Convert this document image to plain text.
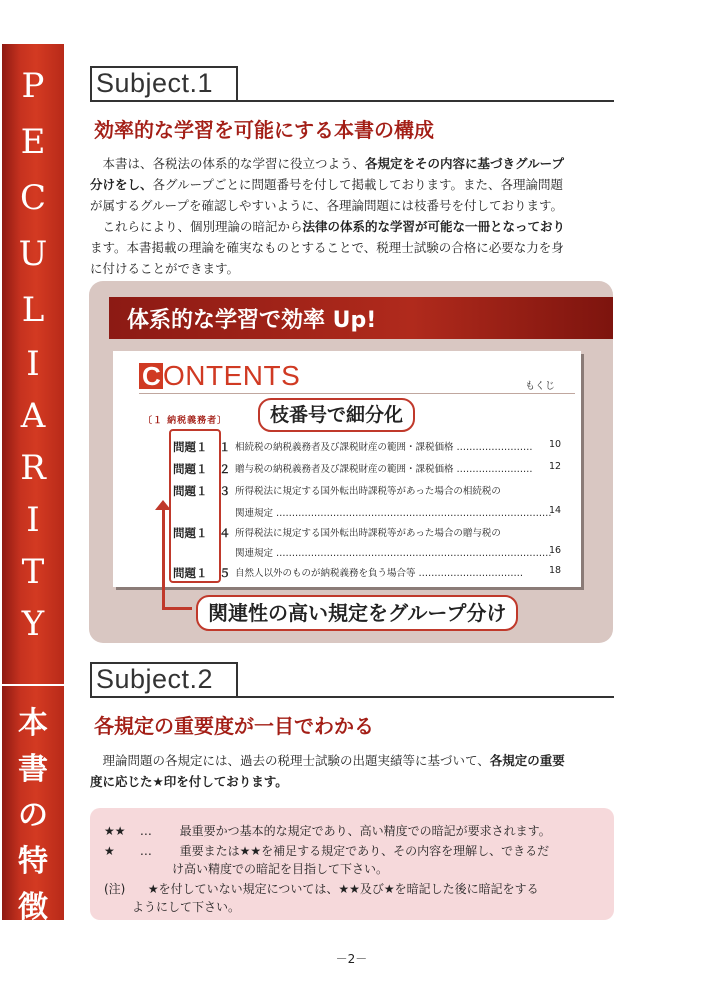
P
E
C
U
L
I
A
R
I
T
Y
本
書
の
特
徴
Subject.1
効率的な学習を可能にする本書の構成
　本書は、各税法の体系的な学習に役立つよう、各規定をその内容に基づきグループ
分けをし、各グループごとに問題番号を付して掲載しております。また、各理論問題
が属するグループを確認しやすいように、各理論問題には枝番号を付しております。
　これらにより、個別理論の暗記から法律の体系的な学習が可能な一冊となっており
ます。本書掲載の理論を確実なものとすることで、税理士試験の合格に必要な力を身
に付けることができます。
体系的な学習で効率 Up!
C ONTENTS	もくじ
〔１ 納税義務者〕
問題１ １ 相続税の納税義務者及び課税財産の範囲・課税価格 …………………… 10
問題１ ２ 贈与税の納税義務者及び課税財産の範囲・課税価格 …………………… 12
問題１ ３ 所得税法に規定する国外転出時課税等があった場合の相続税の
関連規定 ……………………………………………………………………………
14
問題１ ４ 所得税法に規定する国外転出時課税等があった場合の贈与税の
関連規定 ……………………………………………………………………………
16
問題１ ５ 自然人以外のものが納税義務を負う場合等 ……………………………	18
枝番号で細分化
関連性の高い規定をグループ分け
Subject.2
各規定の重要度が一目でわかる
　理論問題の各規定には、過去の税理士試験の出題実績等に基づいて、各規定の重要
度に応じた★印を付しております。
★★ … 最重要かつ基本的な規定であり、高い精度での暗記が要求されます。
★ … 重要または★★を補足する規定であり、その内容を理解し、できるだ
け高い精度での暗記を目指して下さい。
(注) ★を付していない規定については、★★及び★を暗記した後に暗記をする
ようにして下さい。
－2－
